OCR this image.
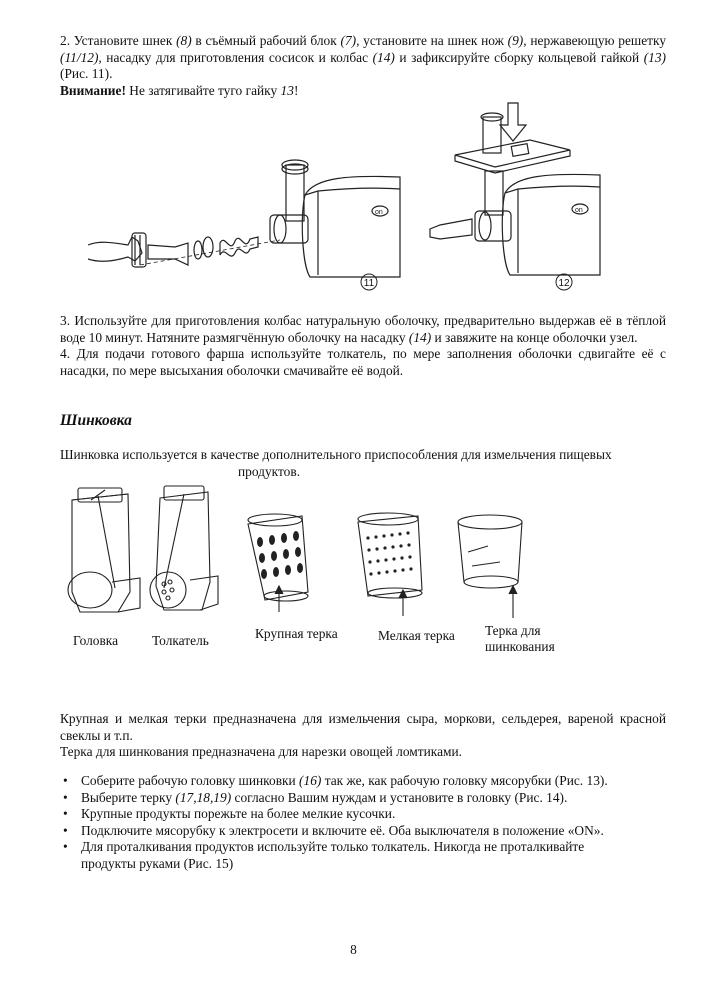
2. Установите шнек (8) в съёмный рабочий блок (7), установите на шнек нож (9), нержавеющую решетку (11/12), насадку для приготовления сосисок и колбас (14) и зафиксируйте сборку кольцевой гайкой (13) (Рис. 11).

Внимание! Не затягивайте туго гайку 13!

on	on
11	12

3. Используйте для приготовления колбас натуральную оболочку, предварительно выдержав её в тёплой воде 10 минут. Натяните размягчённую оболочку на насадку (14) и завяжите на конце оболочки узел.

4. Для подачи готового фарша используйте толкатель, по мере заполнения оболочки сдвигайте её с насадки, по мере высыхания оболочки смачивайте её водой.

Шинковка

Шинковка используется в качестве дополнительного приспособления для измельчения пищевых

продуктов.

Головка	Толкатель	Крупная терка	Мелкая терка Терка для
шинкования

Крупная и мелкая терки предназначена для измельчения сыра, моркови, сельдерея, вареной красной свеклы и т.п.

Терка для шинкования предназначена для нарезки овощей ломтиками.

• Соберите рабочую головку шинковки (16) так же, как рабочую головку мясорубки (Рис. 13).
• Выберите терку (17,18,19) согласно Вашим нуждам и установите в головку (Рис. 14).
• Крупные продукты порежьте на более мелкие кусочки.
• Подключите мясорубку к электросети и включите её. Оба выключателя в положение «ON».
• Для проталкивания продуктов используйте только толкатель. Никогда не проталкивайте
продукты руками (Рис. 15)
8
